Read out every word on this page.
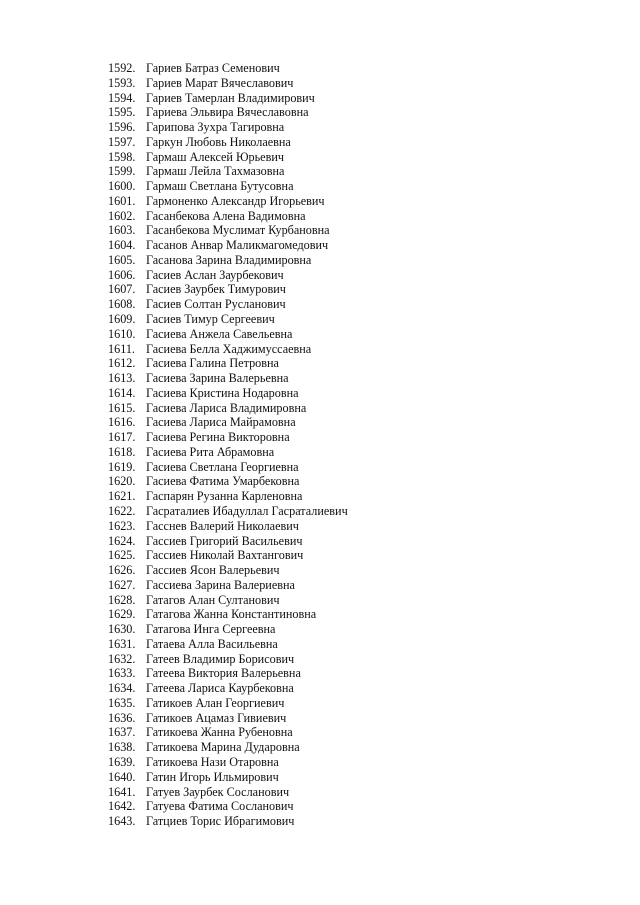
1592. Гариев Батраз Семенович
1593. Гариев Марат Вячеславович
1594. Гариев Тамерлан Владимирович
1595. Гариева Эльвира Вячеславовна
1596. Гарипова Зухра Тагировна
1597. Гаркун Любовь Николаевна
1598. Гармаш Алексей Юрьевич
1599. Гармаш Лейла Тахмазовна
1600. Гармаш Светлана Бутусовна
1601. Гармоненко Александр Игорьевич
1602. Гасанбекова Алена Вадимовна
1603. Гасанбекова Муслимат Курбановна
1604. Гасанов Анвар Маликмагомедович
1605. Гасанова Зарина Владимировна
1606. Гасиев Аслан Заурбекович
1607. Гасиев Заурбек Тимурович
1608. Гасиев Солтан Русланович
1609. Гасиев Тимур Сергеевич
1610. Гасиева Анжела Савельевна
1611. Гасиева Белла Хаджимуссаевна
1612. Гасиева Галина Петровна
1613. Гасиева Зарина Валерьевна
1614. Гасиева Кристина Нодаровна
1615. Гасиева Лариса Владимировна
1616. Гасиева Лариса Майрамовна
1617. Гасиева Регина Викторовна
1618. Гасиева Рита Абрамовна
1619. Гасиева Светлана Георгиевна
1620. Гасиева Фатима Умарбековна
1621. Гаспарян Рузанна Карленовна
1622. Гасраталиев Ибадуллал Гасраталиевич
1623. Гасснев Валерий Николаевич
1624. Гассиев Григорий Васильевич
1625. Гассиев Николай Вахтангович
1626. Гассиев Ясон Валерьевич
1627. Гассиева Зарина Валериевна
1628. Гатагов Алан Султанович
1629. Гатагова Жанна Константиновна
1630. Гатагова Инга Сергеевна
1631. Гатаева Алла Васильевна
1632. Гатеев Владимир Борисович
1633. Гатеева Виктория Валерьевна
1634. Гатеева Лариса Каурбековна
1635. Гатикоев Алан Георгиевич
1636. Гатикоев Ацамаз Гивиевич
1637. Гатикоева Жанна Рубеновна
1638. Гатикоева Марина Дударовна
1639. Гатикоева Нази Отаровна
1640. Гатин Игорь Ильмирович
1641. Гатуев Заурбек Сосланович
1642. Гатуева Фатима Сосланович
1643. Гатциев Торис Ибрагимович
